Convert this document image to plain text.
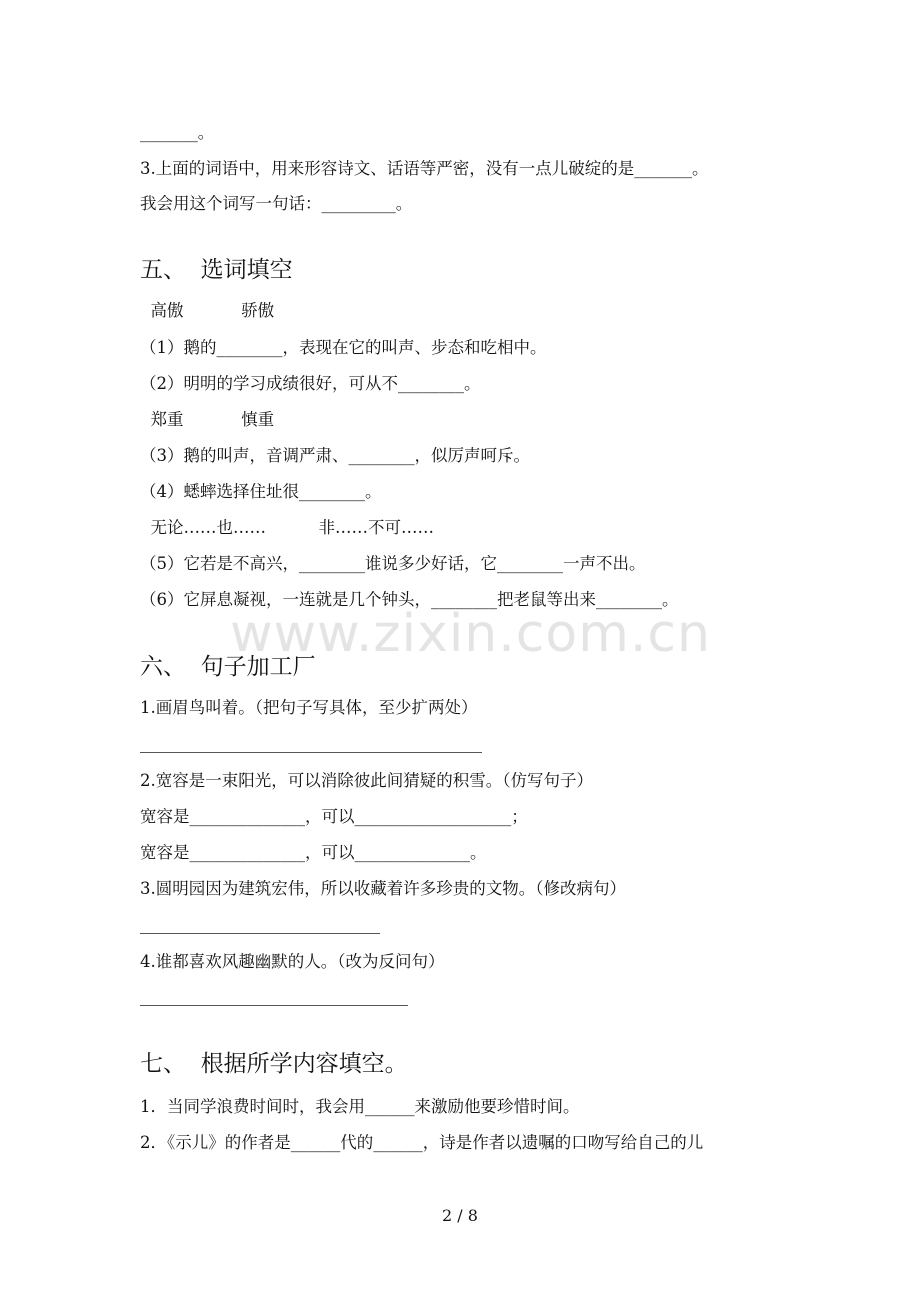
www.zixin.com.cn
_______。
3.上面的词语中，用来形容诗文、话语等严密，没有一点儿破绽的是_______。
我会用这个词写一句话：_________。
五、  选词填空
高傲           骄傲
（1）鹅的________，表现在它的叫声、步态和吃相中。
（2）明明的学习成绩很好，可从不________。
郑重           慎重
（3）鹅的叫声，音调严肃、________，似厉声呵斥。
（4）蟋蟀选择住址很________。
无论……也……          非……不可……
（5）它若是不高兴，________谁说多少好话，它________一声不出。
（6）它屏息凝视，一连就是几个钟头，________把老鼠等出来________。
六、  句子加工厂
1.画眉鸟叫着。（把句子写具体，至少扩两处）
2.宽容是一束阳光，可以消除彼此间猜疑的积雪。（仿写句子）
宽容是______________，可以___________________；
宽容是______________，可以______________。
3.圆明园因为建筑宏伟，所以收藏着许多珍贵的文物。（修改病句）
4.谁都喜欢风趣幽默的人。（改为反问句）
七、  根据所学内容填空。
1．当同学浪费时间时，我会用______来激励他要珍惜时间。
2．《示儿》的作者是______代的______，诗是作者以遗嘱的口吻写给自己的儿
2 / 8
